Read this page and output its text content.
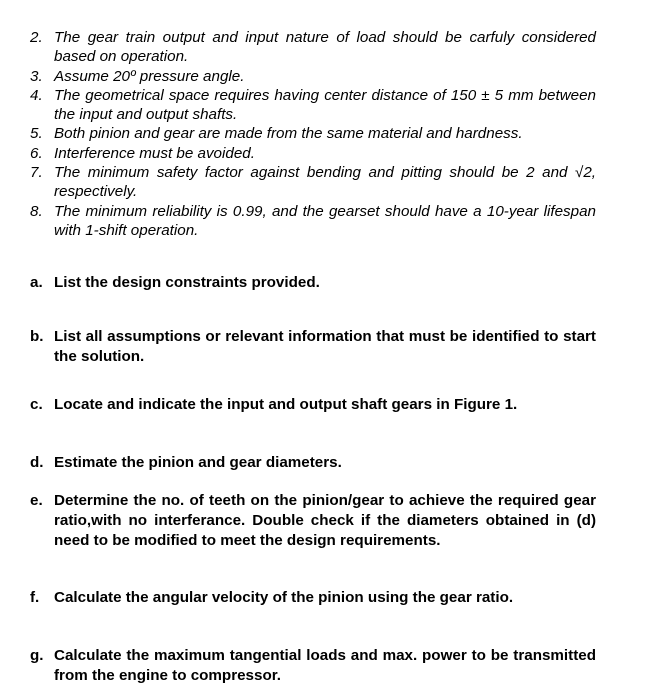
2. The gear train output and input nature of load should be carfuly considered based on operation.
3. Assume 20º pressure angle.
4. The geometrical space requires having center distance of 150 ± 5 mm between the input and output shafts.
5. Both pinion and gear are made from the same material and hardness.
6. Interference must be avoided.
7. The minimum safety factor against bending and pitting should be 2 and √2, respectively.
8. The minimum reliability is 0.99, and the gearset should have a 10-year lifespan with 1-shift operation.
a. List the design constraints provided.
b. List all assumptions or relevant information that must be identified to start the solution.
c. Locate and indicate the input and output shaft gears in Figure 1.
d. Estimate the pinion and gear diameters.
e. Determine the no. of teeth on the pinion/gear to achieve the required gear ratio,with no interferance. Double check if the diameters obtained in (d) need to be modified to meet the design requirements.
f. Calculate the angular velocity of the pinion using the gear ratio.
g. Calculate the maximum tangential loads and max. power to be transmitted from the engine to compressor.
